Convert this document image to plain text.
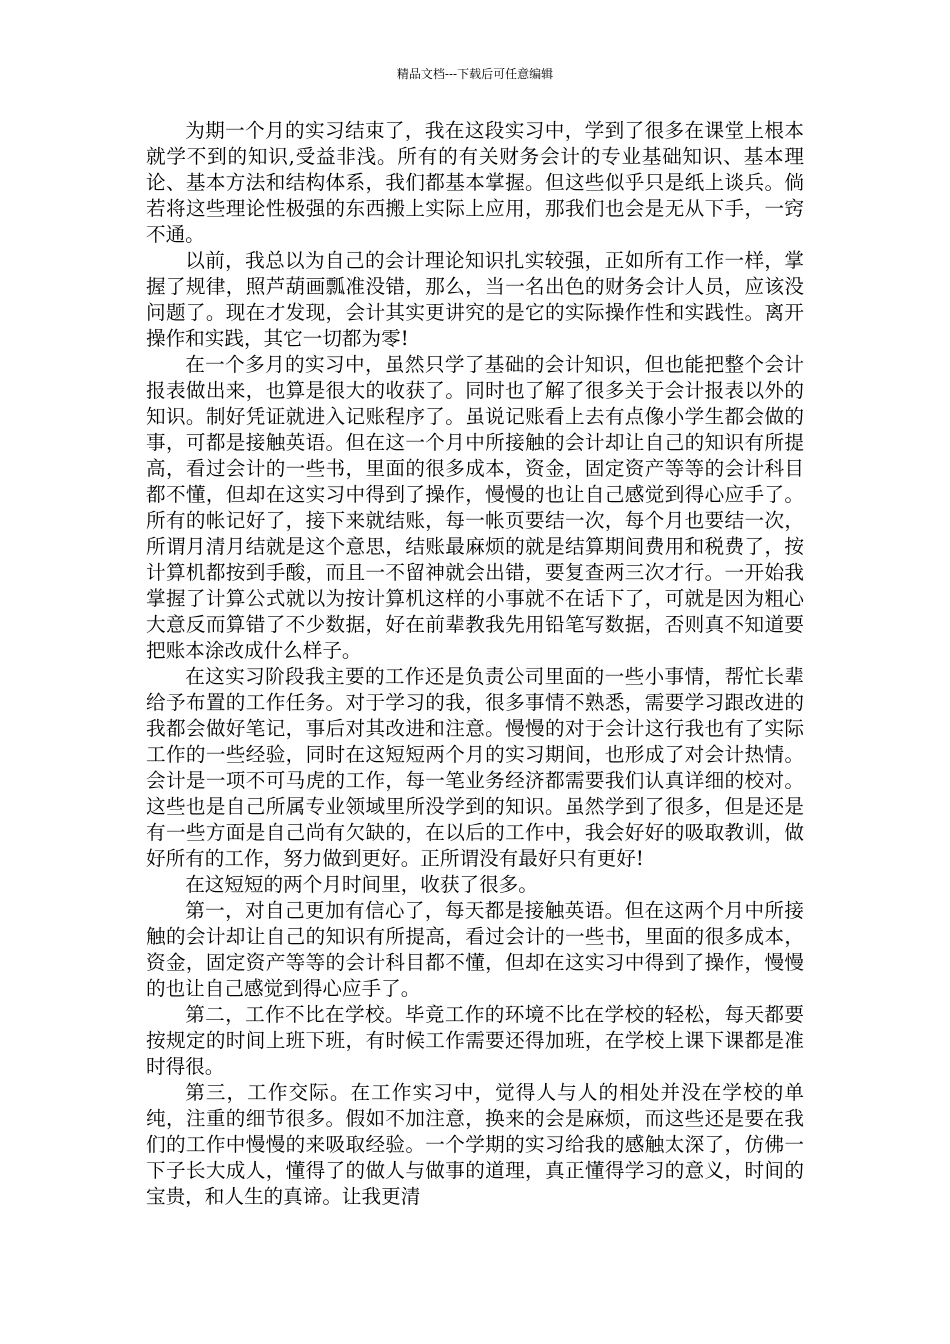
精品文档---下载后可任意编辑

为期一个月的实习结束了，我在这段实习中，学到了很多在课堂上根本就学不到的知识,受益非浅。所有的有关财务会计的专业基础知识、基本理论、基本方法和结构体系，我们都基本掌握。但这些似乎只是纸上谈兵。倘若将这些理论性极强的东西搬上实际上应用，那我们也会是无从下手，一窍不通。

以前，我总以为自己的会计理论知识扎实较强，正如所有工作一样，掌握了规律，照芦葫画瓢准没错，那么，当一名出色的财务会计人员，应该没问题了。现在才发现，会计其实更讲究的是它的实际操作性和实践性。离开操作和实践，其它一切都为零!

在一个多月的实习中，虽然只学了基础的会计知识，但也能把整个会计报表做出来，也算是很大的收获了。同时也了解了很多关于会计报表以外的知识。制好凭证就进入记账程序了。虽说记账看上去有点像小学生都会做的事，可都是接触英语。但在这一个月中所接触的会计却让自己的知识有所提高，看过会计的一些书，里面的很多成本，资金，固定资产等等的会计科目都不懂，但却在这实习中得到了操作，慢慢的也让自己感觉到得心应手了。所有的帐记好了，接下来就结账，每一帐页要结一次，每个月也要结一次，所谓月清月结就是这个意思，结账最麻烦的就是结算期间费用和税费了，按计算机都按到手酸，而且一不留神就会出错，要复查两三次才行。一开始我掌握了计算公式就以为按计算机这样的小事就不在话下了，可就是因为粗心大意反而算错了不少数据，好在前辈教我先用铅笔写数据，否则真不知道要把账本涂改成什么样子。

在这实习阶段我主要的工作还是负责公司里面的一些小事情，帮忙长辈给予布置的工作任务。对于学习的我，很多事情不熟悉，需要学习跟改进的我都会做好笔记，事后对其改进和注意。慢慢的对于会计这行我也有了实际工作的一些经验，同时在这短短两个月的实习期间，也形成了对会计热情。会计是一项不可马虎的工作，每一笔业务经济都需要我们认真详细的校对。这些也是自己所属专业领域里所没学到的知识。虽然学到了很多，但是还是有一些方面是自己尚有欠缺的，在以后的工作中，我会好好的吸取教训，做好所有的工作，努力做到更好。正所谓没有最好只有更好!

在这短短的两个月时间里，收获了很多。

第一，对自己更加有信心了，每天都是接触英语。但在这两个月中所接触的会计却让自己的知识有所提高，看过会计的一些书，里面的很多成本，资金，固定资产等等的会计科目都不懂，但却在这实习中得到了操作，慢慢的也让自己感觉到得心应手了。

第二，工作不比在学校。毕竟工作的环境不比在学校的轻松，每天都要按规定的时间上班下班，有时候工作需要还得加班，在学校上课下课都是准时得很。

第三，工作交际。在工作实习中，觉得人与人的相处并没在学校的单纯，注重的细节很多。假如不加注意，换来的会是麻烦，而这些还是要在我们的工作中慢慢的来吸取经验。一个学期的实习给我的感触太深了，仿佛一下子长大成人，懂得了的做人与做事的道理，真正懂得学习的意义，时间的宝贵，和人生的真谛。让我更清
